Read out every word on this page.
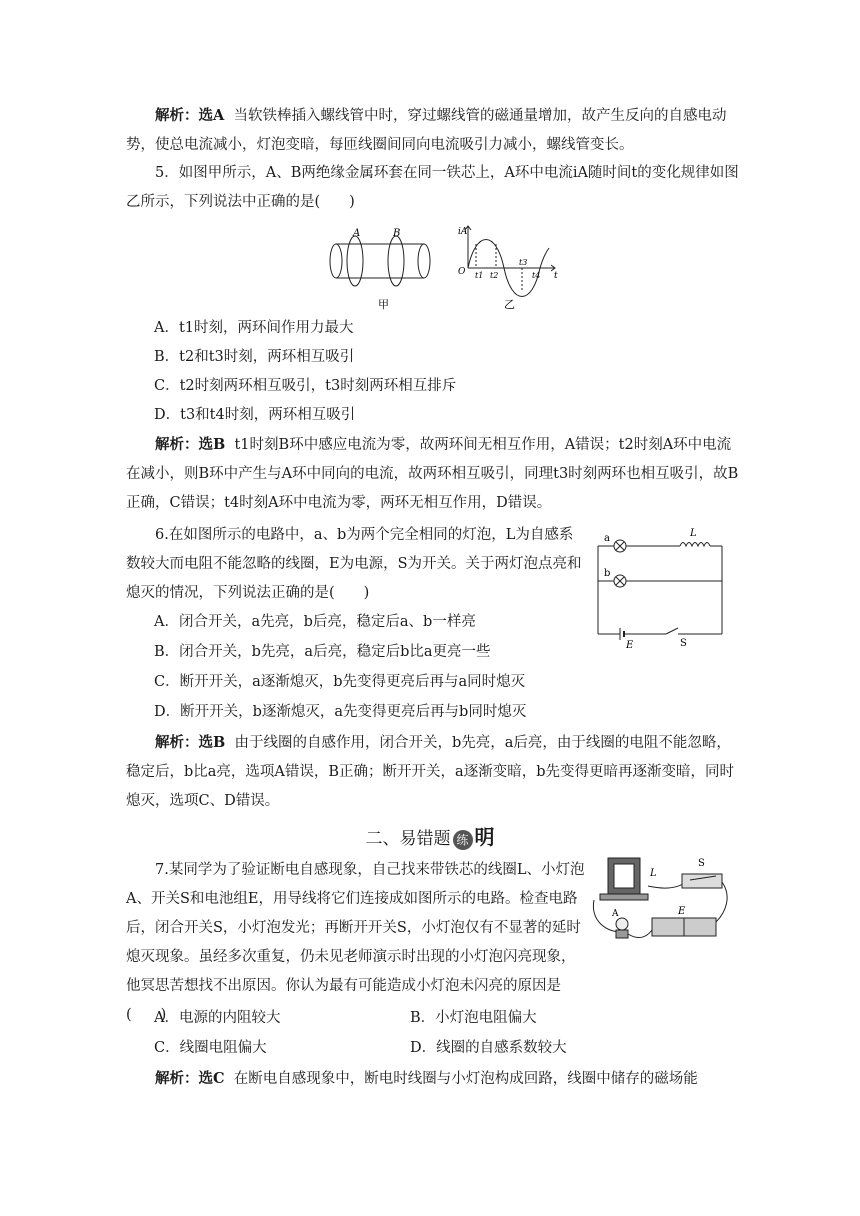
解析：选A 当软铁棒插入螺线管中时，穿过螺线管的磁通量增加，故产生反向的自感电动势，使总电流减小，灯泡变暗，每匝线圈间同向电流吸引力减小，螺线管变长。

5．如图甲所示，A、B两绝缘金属环套在同一铁芯上，A环中电流iA随时间t的变化规律如图乙所示，下列说法中正确的是(　　)

A	B
甲
iA
O	t
t1 t2
t3
t4
乙
A．t1时刻，两环间作用力最大
B．t2和t3时刻，两环相互吸引
C．t2时刻两环相互吸引，t3时刻两环相互排斥
D．t3和t4时刻，两环相互吸引

解析：选B t1时刻B环中感应电流为零，故两环间无相互作用，A错误；t2时刻A环中电流在减小，则B环中产生与A环中同向的电流，故两环相互吸引，同理t3时刻两环也相互吸引，故B正确，C错误；t4时刻A环中电流为零，两环无相互作用，D错误。

6.在如图所示的电路中，a、b为两个完全相同的灯泡，L为自感系数较大而电阻不能忽略的线圈，E为电源，S为开关。关于两灯泡点亮和熄灭的情况，下列说法正确的是(　　)

a
b
L
E	S
A．闭合开关，a先亮，b后亮，稳定后a、b一样亮
B．闭合开关，b先亮，a后亮，稳定后b比a更亮一些
C．断开开关，a逐渐熄灭，b先变得更亮后再与a同时熄灭
D．断开开关，b逐渐熄灭，a先变得更亮后再与b同时熄灭

解析：选B 由于线圈的自感作用，闭合开关，b先亮，a后亮，由于线圈的电阻不能忽略，稳定后，b比a亮，选项A错误，B正确；断开开关，a逐渐变暗，b先变得更暗再逐渐变暗，同时熄灭，选项C、D错误。

二、易错题 练 明

7.某同学为了验证断电自感现象，自己找来带铁芯的线圈L、小灯泡A、开关S和电池组E，用导线将它们连接成如图所示的电路。检查电路后，闭合开关S，小灯泡发光；再断开开关S，小灯泡仅有不显著的延时熄灭现象。虽经多次重复，仍未见老师演示时出现的小灯泡闪亮现象，他冥思苦想找不出原因。你认为最有可能造成小灯泡未闪亮的原因是(　　)

L
S
A	E
A．电源的内阻较大	B．小灯泡电阻偏大
C．线圈电阻偏大	D．线圈的自感系数较大

解析：选C 在断电自感现象中，断电时线圈与小灯泡构成回路，线圈中储存的磁场能
